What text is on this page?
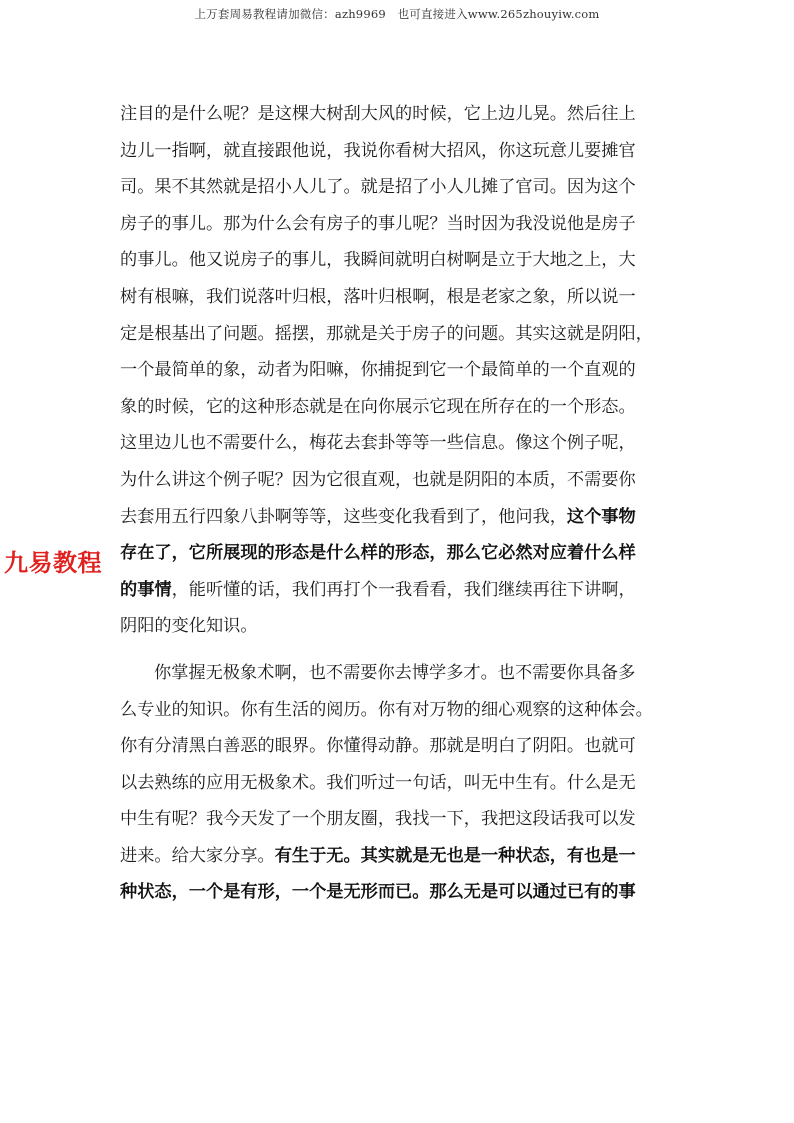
上万套周易教程请加微信：azh9969　也可直接进入www.265zhouyiw.com
九易教程
注目的是什么呢？是这棵大树刮大风的时候，它上边儿晃。然后往上
边儿一指啊，就直接跟他说，我说你看树大招风，你这玩意儿要摊官
司。果不其然就是招小人儿了。就是招了小人儿摊了官司。因为这个
房子的事儿。那为什么会有房子的事儿呢？当时因为我没说他是房子
的事儿。他又说房子的事儿，我瞬间就明白树啊是立于大地之上，大
树有根嘛，我们说落叶归根，落叶归根啊，根是老家之象，所以说一
定是根基出了问题。摇摆，那就是关于房子的问题。其实这就是阴阳，
一个最简单的象，动者为阳嘛，你捕捉到它一个最简单的一个直观的
象的时候，它的这种形态就是在向你展示它现在所存在的一个形态。
这里边儿也不需要什么，梅花去套卦等等一些信息。像这个例子呢，
为什么讲这个例子呢？因为它很直观，也就是阴阳的本质，不需要你
去套用五行四象八卦啊等等，这些变化我看到了，他问我，这个事物
存在了，它所展现的形态是什么样的形态，那么它必然对应着什么样
的事情，能听懂的话，我们再打个一我看看，我们继续再往下讲啊，
阴阳的变化知识。
你掌握无极象术啊，也不需要你去博学多才。也不需要你具备多
么专业的知识。你有生活的阅历。你有对万物的细心观察的这种体会。
你有分清黑白善恶的眼界。你懂得动静。那就是明白了阴阳。也就可
以去熟练的应用无极象术。我们听过一句话，叫无中生有。什么是无
中生有呢？我今天发了一个朋友圈，我找一下，我把这段话我可以发
进来。给大家分享。有生于无。其实就是无也是一种状态，有也是一
种状态，一个是有形，一个是无形而已。那么无是可以通过已有的事
